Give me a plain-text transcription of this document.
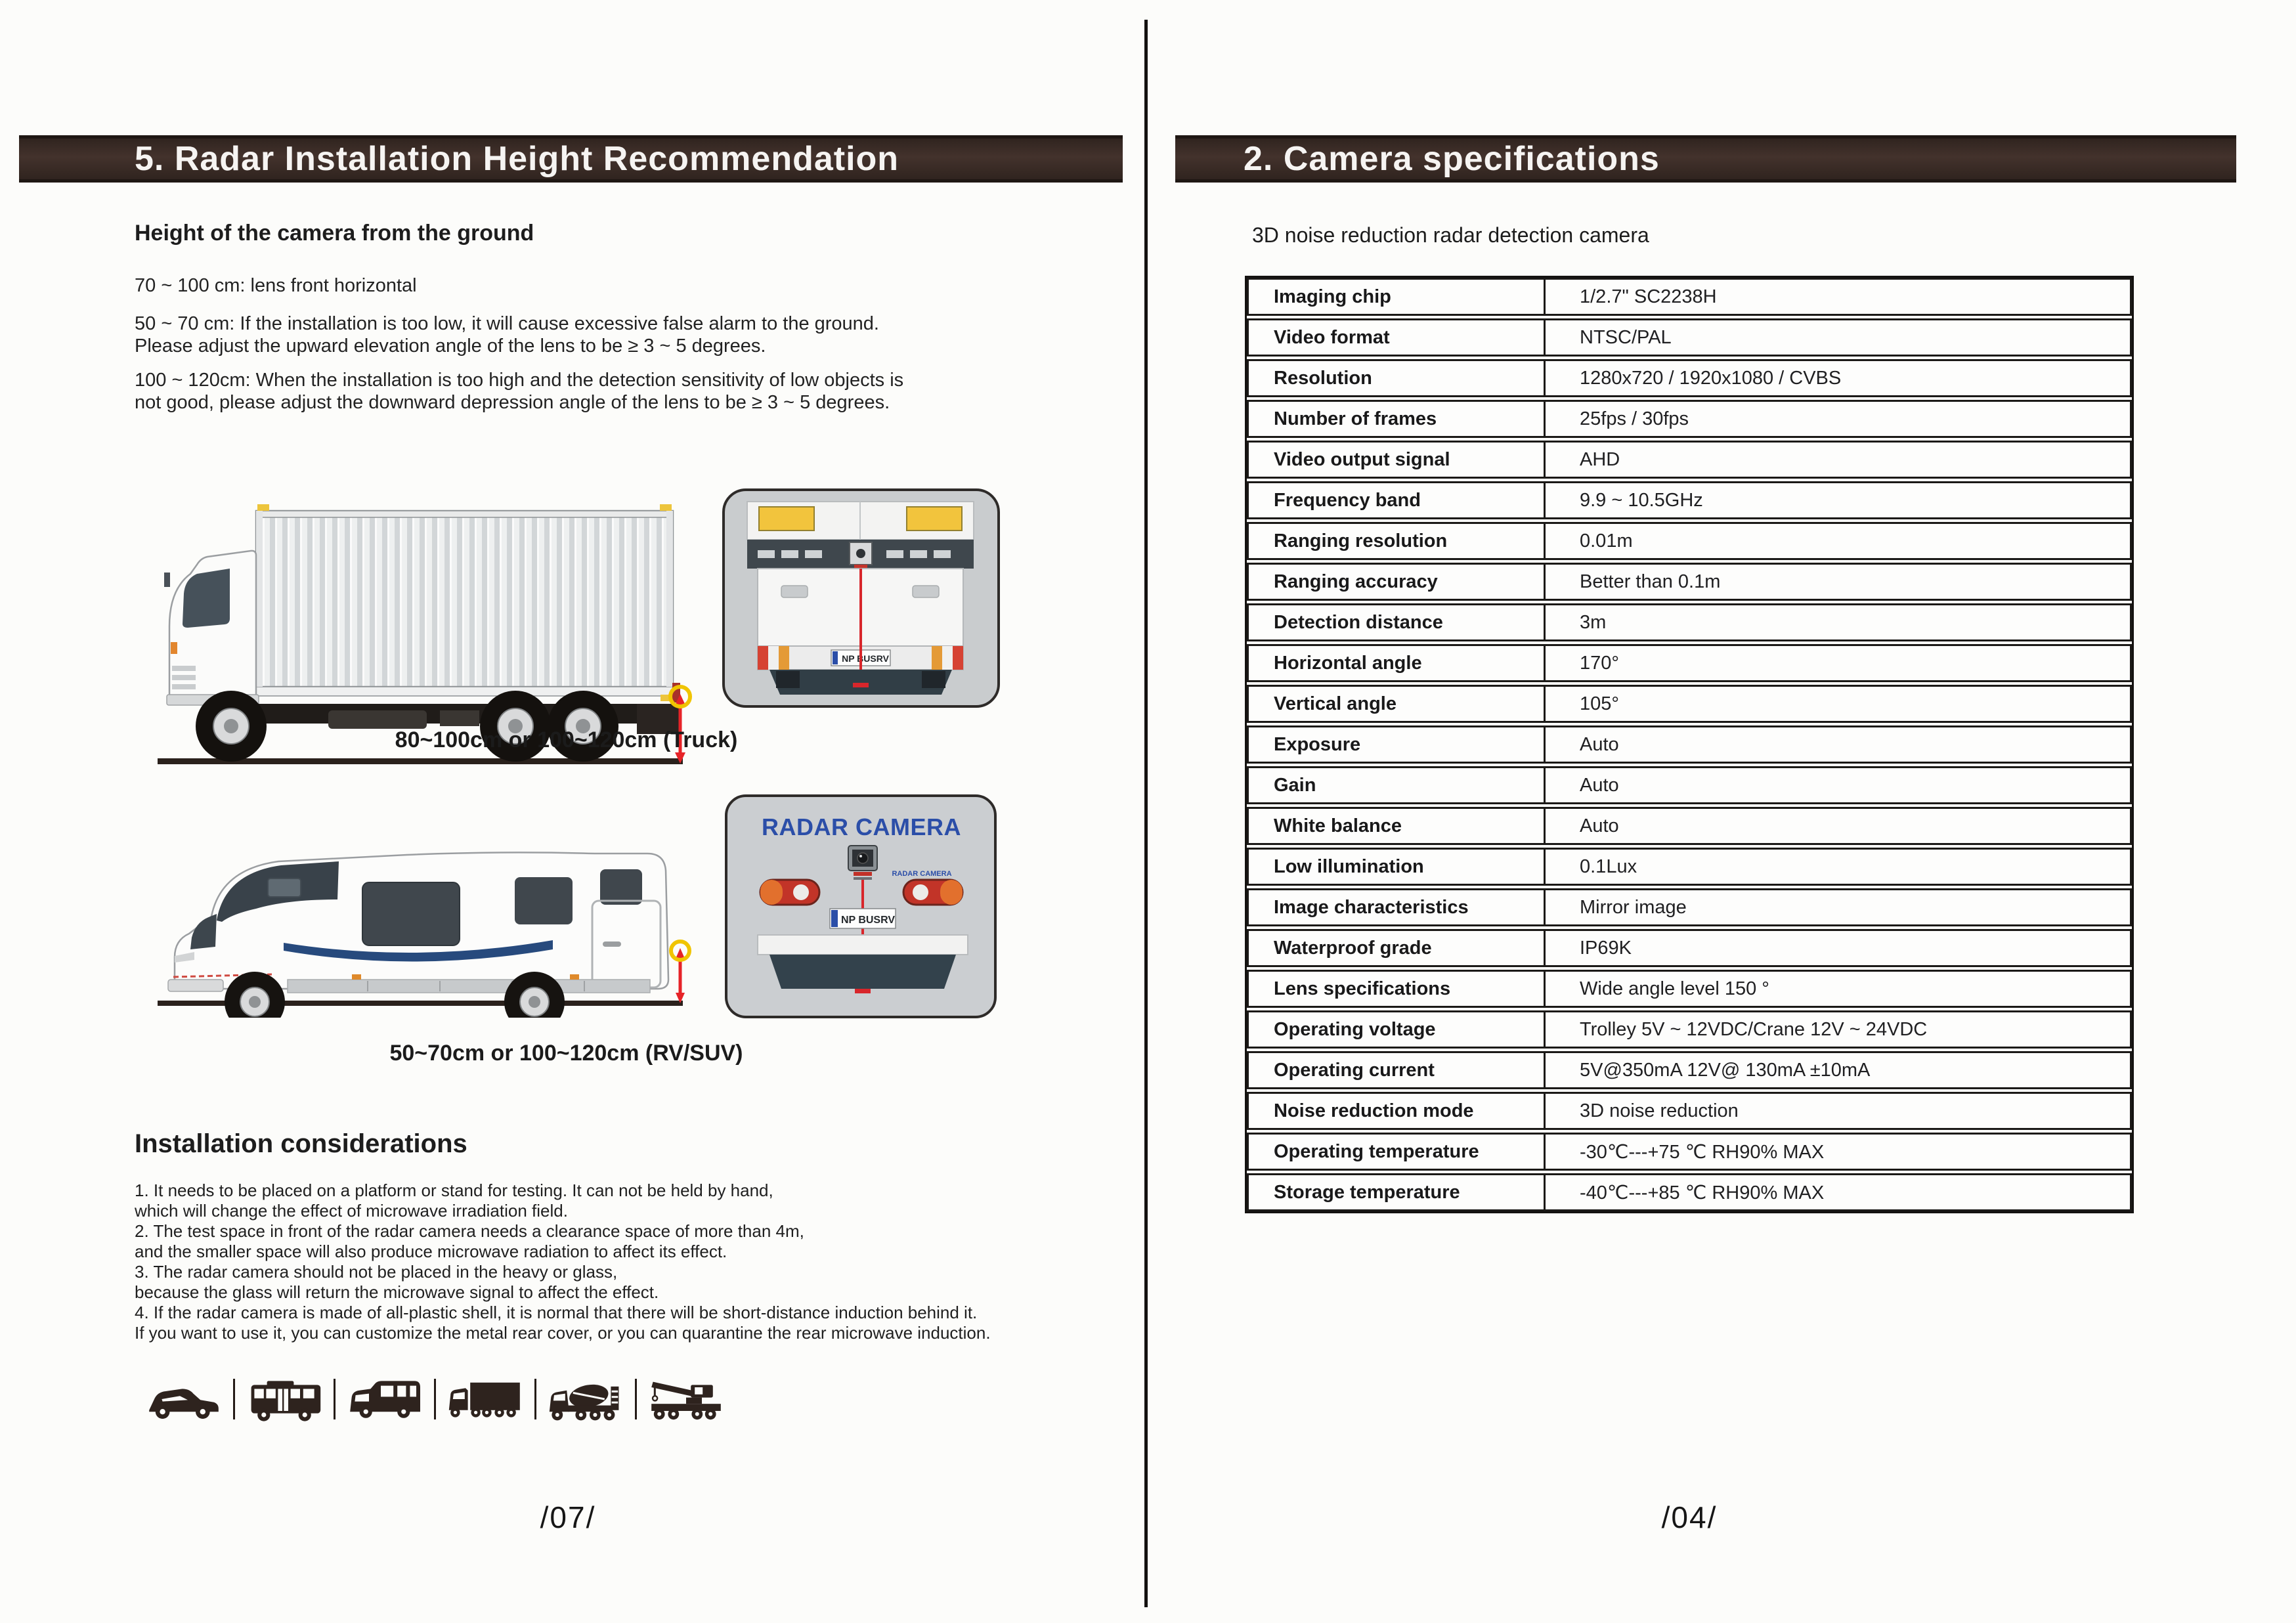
5. Radar Installation Height Recommendation
Height of the camera from the ground
70 ~ 100 cm: lens front horizontal
50 ~ 70 cm: If the installation is too low, it will cause excessive false alarm to the ground.
Please adjust the upward elevation angle of the lens to be ≥ 3 ~ 5 degrees.
100 ~ 120cm: When the installation is too high and the detection sensitivity of low objects is
not good, please adjust the downward depression angle of the lens to be ≥ 3 ~ 5 degrees.
NP BUSRV
80~100cm or 100~120cm (Truck)
RADAR CAMERA
RADAR CAMERA
NP BUSRV
50~70cm or 100~120cm (RV/SUV)
Installation considerations
1. It needs to be placed on a platform or stand for testing. It can not be held by hand,
which will change the effect of microwave irradiation field.
2. The test space in front of the radar camera needs a clearance space of more than 4m,
and the smaller space will also produce microwave radiation to affect its effect.
3. The radar camera should not be placed in the heavy or glass,
because the glass will return the microwave signal to affect the effect.
4. If the radar camera is made of all-plastic shell, it is normal that there will be short-distance induction behind it.
If you want to use it, you can customize the metal rear cover, or you can quarantine the rear microwave induction.
/07/
2. Camera specifications
3D noise reduction radar detection camera
Imaging chip	1/2.7" SC2238H
Video format	NTSC/PAL
Resolution	1280x720 / 1920x1080 / CVBS
Number of frames	25fps / 30fps
Video output signal	AHD
Frequency band	9.9 ~ 10.5GHz
Ranging resolution	0.01m
Ranging accuracy	Better than 0.1m
Detection distance	3m
Horizontal angle	170°
Vertical angle	105°
Exposure	Auto
Gain	Auto
White balance	Auto
Low illumination	0.1Lux
Image characteristics	Mirror image
Waterproof grade	IP69K
Lens specifications	Wide angle level 150 °
Operating voltage	Trolley 5V ~ 12VDC/Crane 12V ~ 24VDC
Operating current	5V@350mA 12V@ 130mA ±10mA
Noise reduction mode	3D noise reduction
Operating temperature	-30℃---+75 ℃ RH90% MAX
Storage temperature	-40℃---+85 ℃ RH90% MAX
/04/
